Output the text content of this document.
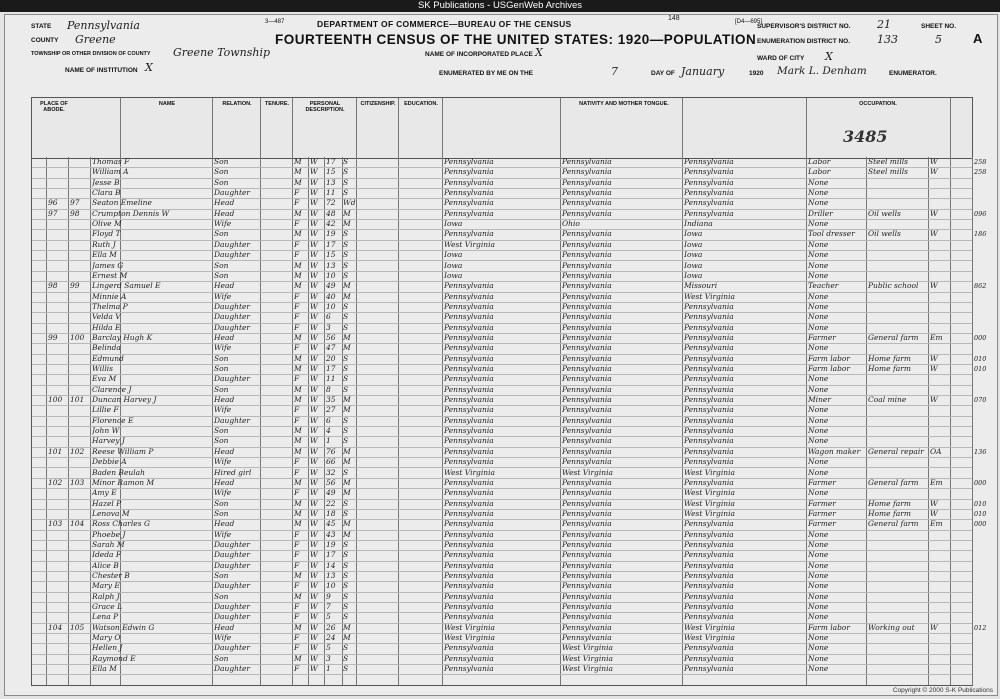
SK Publications - USGenWeb Archives
3—487	148	[D4—695]
DEPARTMENT OF COMMERCE—BUREAU OF THE CENSUS
FOURTEENTH CENSUS OF THE UNITED STATES: 1920—POPULATION
STATE Pennsylvania
COUNTY Greene
TOWNSHIP OR OTHER DIVISION OF COUNTY Greene Township
NAME OF INSTITUTION X
NAME OF INCORPORATED PLACE X
ENUMERATED BY ME ON THE	7	DAY OF January	1920 Mark L. Denham	ENUMERATOR.
SUPERVISOR'S DISTRICT NO. 21
ENUMERATION DISTRICT NO. 133
SHEET NO.
5 A
WARD OF CITY X
PLACE OF ABODE.
NAME	RELATION.	TENURE.	PERSONAL DESCRIPTION.
CITIZENSHIP.	EDUCATION.	NATIVITY AND MOTHER TONGUE.	OCCUPATION.
3485
Thomas F	Son	M	W	17 S	Pennsylvania	Pennsylvania	Pennsylvania	Labor	Steel mills	W	258
William A	Son	M	W	15 S	Pennsylvania	Pennsylvania	Pennsylvania	Labor	Steel mills	W	258
Jesse B	Son	M	W	13 S	Pennsylvania	Pennsylvania	Pennsylvania	None
Clara B	Daughter	F	W	11 S	Pennsylvania	Pennsylvania	Pennsylvania	None
96	97	Seaton Emeline	Head	F	W	72 Wd	Pennsylvania	Pennsylvania	Pennsylvania	None
97	98	Crumpton Dennis W	Head	M	W	48 M	Pennsylvania	Pennsylvania	Pennsylvania	Driller	Oil wells	W	096
Olive M	Wife	F	W	42 M	Iowa	Ohio	Indiana	None
Floyd T	Son	M	W	19 S	Pennsylvania	Pennsylvania	Iowa	Tool dresser	Oil wells	W	186
Ruth J	Daughter	F	W	17 S	West Virginia	Pennsylvania	Iowa	None
Ella M	Daughter	F	W	15 S	Iowa	Pennsylvania	Iowa	None
James G	Son	M	W	13 S	Iowa	Pennsylvania	Iowa	None
Ernest M	Son	M	W	10 S	Iowa	Pennsylvania	Iowa	None
98	99	Lingerd Samuel E	Head	M	W	49 M	Pennsylvania	Pennsylvania	Missouri	Teacher	Public school	W	862
Minnie A	Wife	F	W	40 M	Pennsylvania	Pennsylvania	West Virginia	None
Thelma P	Daughter	F	W	10 S	Pennsylvania	Pennsylvania	Pennsylvania	None
Velda V	Daughter	F	W	6	S	Pennsylvania	Pennsylvania	Pennsylvania	None
Hilda E	Daughter	F	W	3	S	Pennsylvania	Pennsylvania	Pennsylvania	None
99	100	Barclay Hugh K	Head	M	W	56 M	Pennsylvania	Pennsylvania	Pennsylvania	Farmer	General farm	Em	000
Belinda	Wife	F	W	47 M	Pennsylvania	Pennsylvania	Pennsylvania	None
Edmund	Son	M	W	20 S	Pennsylvania	Pennsylvania	Pennsylvania	Farm labor	Home farm	W	010
Willis	Son	M	W	17 S	Pennsylvania	Pennsylvania	Pennsylvania	Farm labor	Home farm	W	010
Eva M	Daughter	F	W	11 S	Pennsylvania	Pennsylvania	Pennsylvania	None
Clarence J	Son	M	W	8	S	Pennsylvania	Pennsylvania	Pennsylvania	None
100	101	Duncan Harvey J	Head	M	W	35 M	Pennsylvania	Pennsylvania	Pennsylvania	Miner	Coal mine	W	070
Lillie F	Wife	F	W	27 M	Pennsylvania	Pennsylvania	Pennsylvania	None
Florence E	Daughter	F	W	6	S	Pennsylvania	Pennsylvania	Pennsylvania	None
John W	Son	M	W	4	S	Pennsylvania	Pennsylvania	Pennsylvania	None
Harvey J	Son	M	W	1	S	Pennsylvania	Pennsylvania	Pennsylvania	None
101	102	Reese William P	Head	M	W	76 M	Pennsylvania	Pennsylvania	Pennsylvania	Wagon maker	General repair OA	136
Debbie A	Wife	F	W	66 M	Pennsylvania	Pennsylvania	Pennsylvania	None
Baden Beulah	Hired girl	F	W	32 S	West Virginia	West Virginia	West Virginia	None
102	103	Minor Ramon M	Head	M	W	56 M	Pennsylvania	Pennsylvania	Pennsylvania	Farmer	General farm	Em	000
Amy E	Wife	F	W	49 M	Pennsylvania	Pennsylvania	West Virginia	None
Hazel P	Son	M	W	22 S	Pennsylvania	Pennsylvania	West Virginia	Farmer	Home farm	W	010
Lenova M	Son	M	W	18 S	Pennsylvania	Pennsylvania	West Virginia	Farmer	Home farm	W	010
103	104	Ross Charles G	Head	M	W	45 M	Pennsylvania	Pennsylvania	Pennsylvania	Farmer	General farm	Em	000
Phoebe J	Wife	F	W	43 M	Pennsylvania	Pennsylvania	Pennsylvania	None
Sarah M	Daughter	F	W	19 S	Pennsylvania	Pennsylvania	Pennsylvania	None
Ideda F	Daughter	F	W	17 S	Pennsylvania	Pennsylvania	Pennsylvania	None
Alice B	Daughter	F	W	14 S	Pennsylvania	Pennsylvania	Pennsylvania	None
Chester B	Son	M	W	13 S	Pennsylvania	Pennsylvania	Pennsylvania	None
Mary E	Daughter	F	W	10 S	Pennsylvania	Pennsylvania	Pennsylvania	None
Ralph J	Son	M	W	9	S	Pennsylvania	Pennsylvania	Pennsylvania	None
Grace L	Daughter	F	W	7	S	Pennsylvania	Pennsylvania	Pennsylvania	None
Lena P	Daughter	F	W	5	S	Pennsylvania	Pennsylvania	Pennsylvania	None
104	105	Watson Edwin G	Head	M	W	26 M	West Virginia	Pennsylvania	West Virginia	Farm labor	Working out	W	012
Mary O	Wife	F	W	24 M	West Virginia	Pennsylvania	West Virginia	None
Hellen J	Daughter	F	W	5	S	Pennsylvania	West Virginia	Pennsylvania	None
Raymond E	Son	M	W	3	S	Pennsylvania	West Virginia	Pennsylvania	None
Ella M	Daughter	F	W	1	S	Pennsylvania	West Virginia	Pennsylvania	None
Copyright © 2000 S-K Publications
